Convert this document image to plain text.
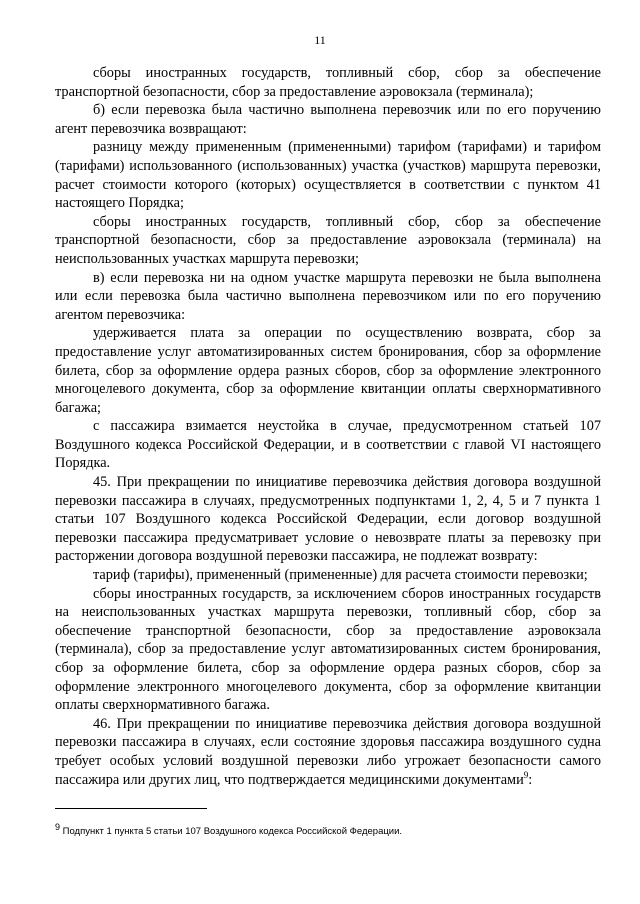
11

сборы иностранных государств, топливный сбор, сбор за обеспечение транспортной безопасности, сбор за предоставление аэровокзала (терминала);

б) если перевозка была частично выполнена перевозчик или по его поручению агент перевозчика возвращают:

разницу между примененным (примененными) тарифом (тарифами) и тарифом (тарифами) использованного (использованных) участка (участков) маршрута перевозки, расчет стоимости которого (которых) осуществляется в соответствии с пунктом 41 настоящего Порядка;

сборы иностранных государств, топливный сбор, сбор за обеспечение транспортной безопасности, сбор за предоставление аэровокзала (терминала) на неиспользованных участках маршрута перевозки;

в) если перевозка ни на одном участке маршрута перевозки не была выполнена или если перевозка была частично выполнена перевозчиком или по его поручению агентом перевозчика:

удерживается плата за операции по осуществлению возврата, сбор за предоставление услуг автоматизированных систем бронирования, сбор за оформление билета, сбор за оформление ордера разных сборов, сбор за оформление электронного многоцелевого документа, сбор за оформление квитанции оплаты сверхнормативного багажа;

с пассажира взимается неустойка в случае, предусмотренном статьей 107 Воздушного кодекса Российской Федерации, и в соответствии с главой VI настоящего Порядка.

45. При прекращении по инициативе перевозчика действия договора воздушной перевозки пассажира в случаях, предусмотренных подпунктами 1, 2, 4, 5 и 7 пункта 1 статьи 107 Воздушного кодекса Российской Федерации, если договор воздушной перевозки пассажира предусматривает условие о невозврате платы за перевозку при расторжении договора воздушной перевозки пассажира, не подлежат возврату:

тариф (тарифы), примененный (примененные) для расчета стоимости перевозки;

сборы иностранных государств, за исключением сборов иностранных государств на неиспользованных участках маршрута перевозки, топливный сбор, сбор за обеспечение транспортной безопасности, сбор за предоставление аэровокзала (терминала), сбор за предоставление услуг автоматизированных систем бронирования, сбор за оформление билета, сбор за оформление ордера разных сборов, сбор за оформление электронного многоцелевого документа, сбор за оформление квитанции оплаты сверхнормативного багажа.

46. При прекращении по инициативе перевозчика действия договора воздушной перевозки пассажира в случаях, если состояние здоровья пассажира воздушного судна требует особых условий воздушной перевозки либо угрожает безопасности самого пассажира или других лиц, что подтверждается медицинскими документами$^9$:

$^9$ Подпункт 1 пункта 5 статьи 107 Воздушного кодекса Российской Федерации.
